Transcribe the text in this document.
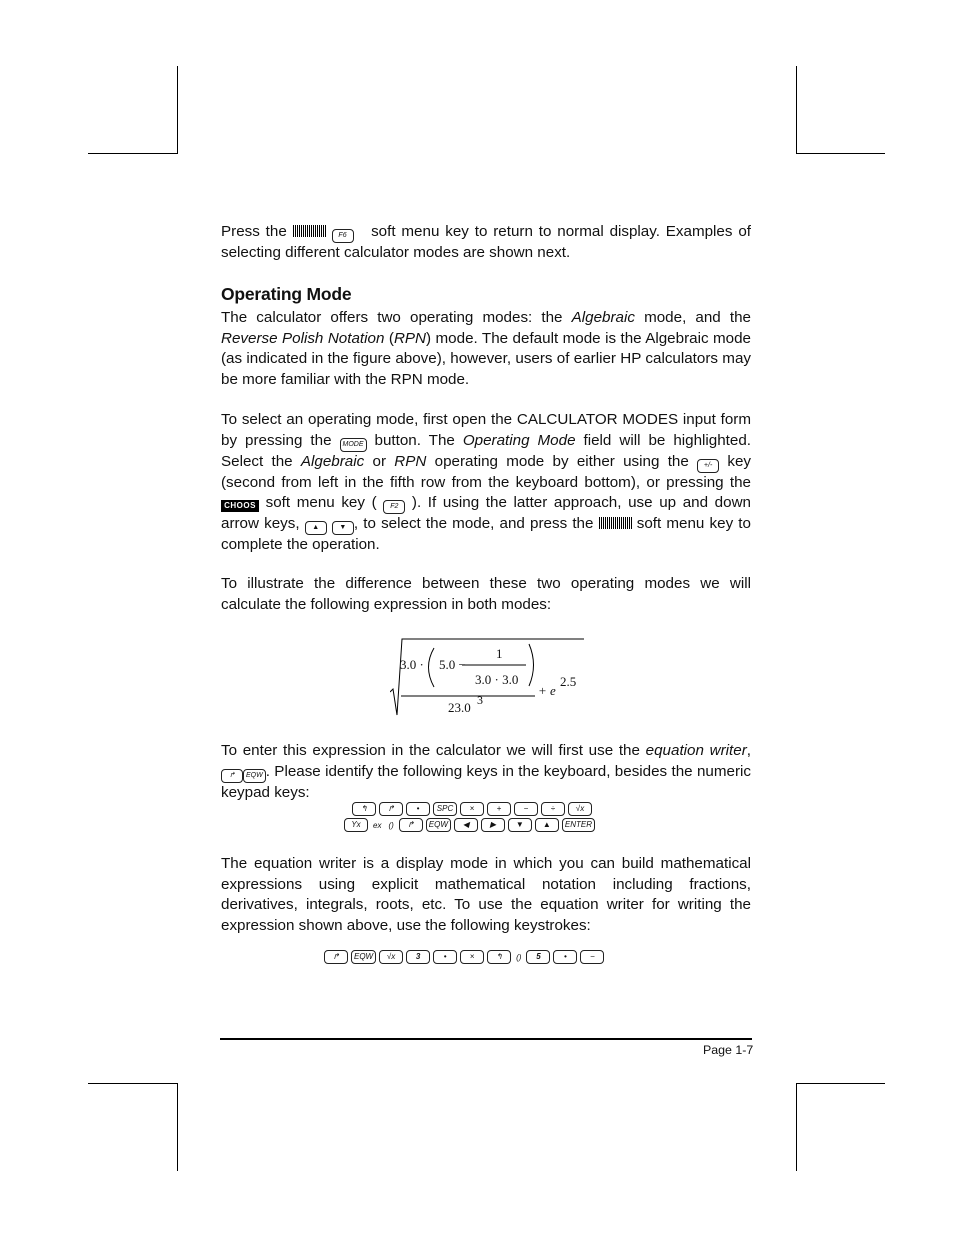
Press the	F6 soft menu key to return to normal display. Examples of selecting different calculator modes are shown next.

Operating Mode

The calculator offers two operating modes: the Algebraic mode, and the Reverse Polish Notation (RPN) mode. The default mode is the Algebraic mode (as indicated in the figure above), however, users of earlier HP calculators may be more familiar with the RPN mode.

To select an operating mode, first open the CALCULATOR MODES input form by pressing the MODE button. The Operating Mode field will be highlighted. Select the Algebraic or RPN operating mode by either using the +/- key (second from left in the fifth row from the keyboard bottom), or pressing the CHOOS soft menu key ( F2 ). If using the latter approach, use up and down arrow keys, ▲	▼ , to select the mode, and press the  soft menu key to complete the operation.

To illustrate the difference between these two operating modes we will calculate the following expression in both modes:

1
3.0 · 5.0 −
3.0 · 3.0
23.0 3
+ e
2.5

To enter this expression in the calculator we will first use the equation writer, ↱ EQW . Please identify the following keys in the keyboard, besides the numeric keypad keys:

↰	↱	•	SPC	×	+	−	÷	√x
Yx	ex ()	↱	EQW	◀	▶	▼	▲	ENTER

The equation writer is a display mode in which you can build mathematical expressions using explicit mathematical notation including fractions, derivatives, integrals, roots, etc. To use the equation writer for writing the expression shown above, use the following keystrokes:

↱	EQW	√x	3	•	×	↰	()	5	•	−
Page 1-7
